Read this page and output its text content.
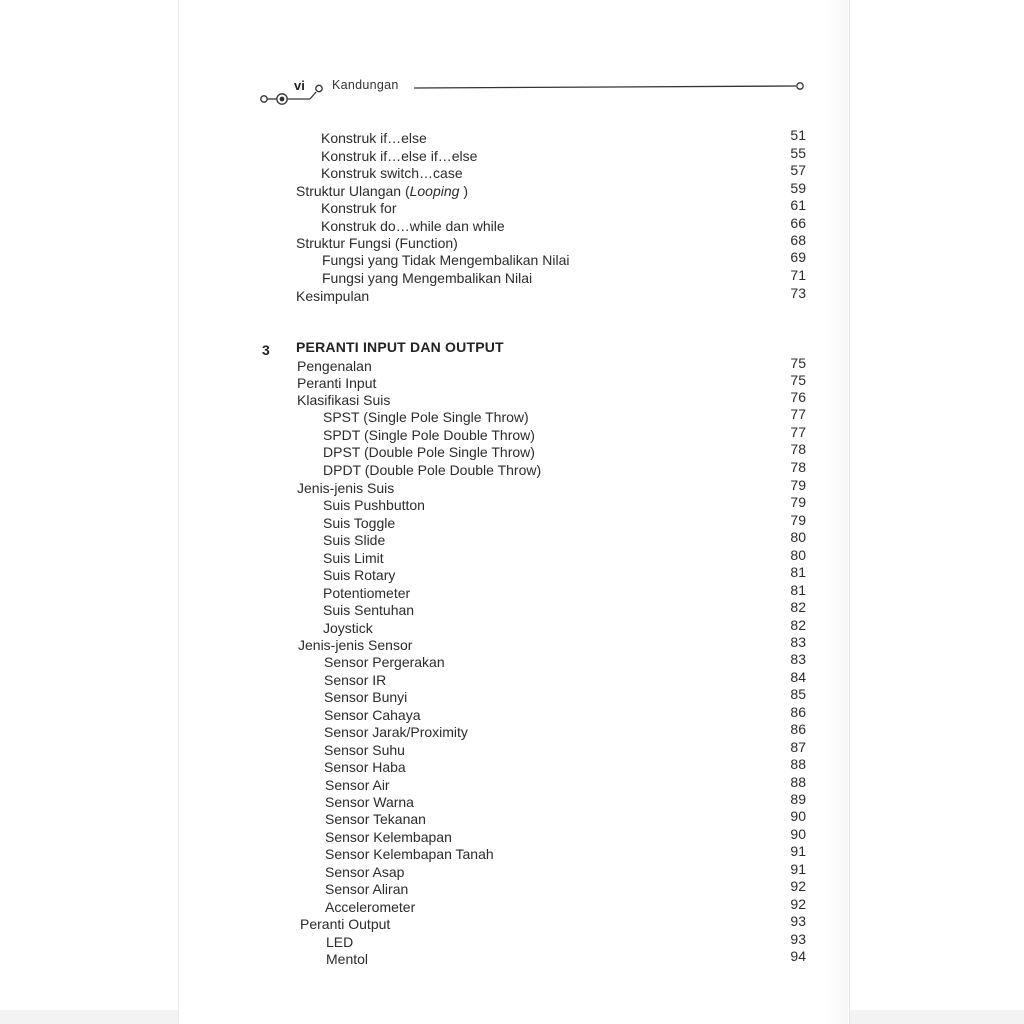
vi Kandungan
3 PERANTI INPUT DAN OUTPUT
Konstruk if…else	51
Konstruk if…else if…else	55
Konstruk switch…case	57
Struktur Ulangan (Looping )	59
Konstruk for	61
Konstruk do…while dan while	66
Struktur Fungsi (Function)	68
Fungsi yang Tidak Mengembalikan Nilai	69
Fungsi yang Mengembalikan Nilai	71
Kesimpulan	73
Pengenalan	75
Peranti Input	75
Klasifikasi Suis	76
SPST (Single Pole Single Throw)	77
SPDT (Single Pole Double Throw)	77
DPST (Double Pole Single Throw)	78
DPDT (Double Pole Double Throw)	78
Jenis-jenis Suis	79
Suis Pushbutton	79
Suis Toggle	79
Suis Slide	80
Suis Limit	80
Suis Rotary	81
Potentiometer	81
Suis Sentuhan	82
Joystick	82
Jenis-jenis Sensor	83
Sensor Pergerakan	83
Sensor IR	84
Sensor Bunyi	85
Sensor Cahaya	86
Sensor Jarak/Proximity	86
Sensor Suhu	87
Sensor Haba	88
Sensor Air	88
Sensor Warna	89
Sensor Tekanan	90
Sensor Kelembapan	90
Sensor Kelembapan Tanah	91
Sensor Asap	91
Sensor Aliran	92
Accelerometer	92
Peranti Output	93
LED	93
Mentol	94
